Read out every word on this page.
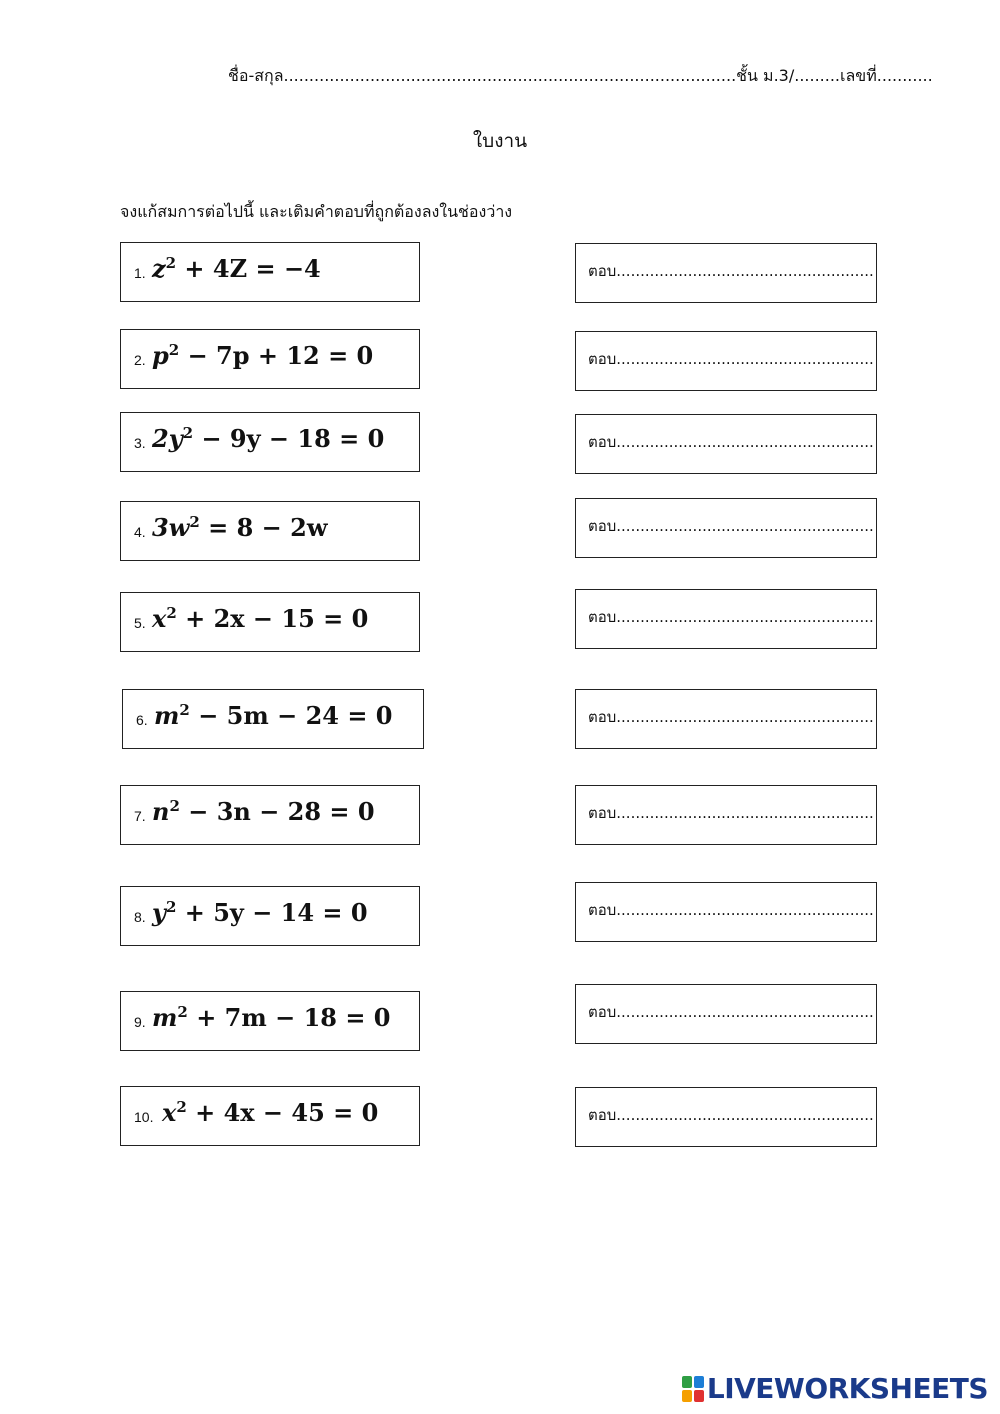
ชื่อ-สกุล.........................................................................................ชั้น ม.3/.........เลขที่...........
ใบงาน
จงแก้สมการต่อไปนี้ และเติมคำตอบที่ถูกต้องลงในช่องว่าง
1. $z^2 + 4Z = -4$
2. $p^2 - 7p + 12 = 0$
3. $2y^2 - 9y - 18 = 0$
4. $3w^2 = 8 - 2w$
5. $x^2 + 2x - 15 = 0$
6. $m^2 - 5m - 24 = 0$
7. $n^2 - 3n - 28 = 0$
8. $y^2 + 5y - 14 = 0$
9. $m^2 + 7m - 18 = 0$
10. $x^2 + 4x - 45 = 0$
ตอบ......................................................
ตอบ......................................................
ตอบ......................................................
ตอบ......................................................
ตอบ......................................................
ตอบ......................................................
ตอบ......................................................
ตอบ......................................................
ตอบ......................................................
ตอบ......................................................
LIVEWORKSHEETS
